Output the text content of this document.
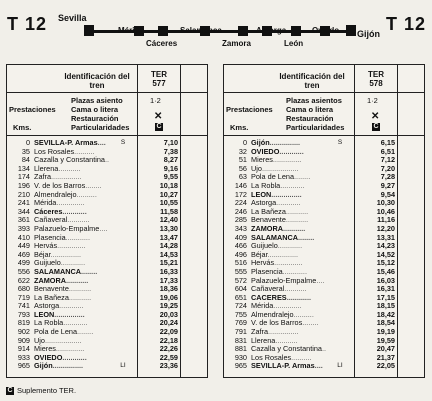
T 12	T 12
Sevilla
Mérida	Salamanca	Astorga	Oviedo Gijón
Cáceres	Zamora	León
Identificación del tren
TER
577
Prestaciones
Plazas asiento
Cama o litera
Restauración
Particularidades
Kms.
1·2
✕
C
0 SEVILLA-P. Armas....	S	7,10
35 Los Rosales..........	7,38
84 Cazalla y Constantina..	8,27
134 Llerena...........	9,16
174 Zafra...............	9,55
196 V. de los Barros........	10,18
210 Almendralejo..........	10,27
241 Mérida..............	10,55
344 Cáceres............	11,58
361 Cañaveral...........	12,40
393 Palazuelo-Empalme....	13,30
410 Plasencia............	13,47
449 Hervás..............	14,28
469 Béjar...............	14,53
499 Guijuelo............	15,21
556 SALAMANCA........	16,33
622 ZAMORA...........	17,33
680 Benavente...........	18,36
719 La Bañeza...........	19,06
741 Astorga............	19,25
793 LEON...............	20,03
819 La Robla............	20,24
902 Pola de Lena........	22,09
909 Ujo..................	22,18
914 Mieres..............	22,26
933 OVIEDO............	22,59
965 Gijón...............	LI	23,36
Identificación del tren
TER
578
Prestaciones
Plazas asientos
Cama o litera
Restauración
Particularidades
Kms.
1·2
✕
C
0 Gijón...............	S	6,15
32 OVIEDO............	6,51
51 Mieres..............	7,12
56 Ujo..................	7,20
63 Pola de Lena........	7,28
146 La Robla............	9,27
172 LEON...............	9,54
224 Astorga............	10,30
246 La Bañeza...........	10,46
285 Benavente...........	11,16
343 ZAMORA...........	12,20
409 SALAMANCA........	13,31
466 Guijuelo............	14,23
496 Béjar...............	14,52
516 Hervás..............	15,12
555 Plasencia............	15,46
572 Palazuelo-Empalme....	16,03
604 Cañaveral...........	16,31
651 CACERES............	17,15
724 Mérida..............	18,15
755 Almendralejo..........	18,42
769 V. de los Barros........	18,54
791 Zafra...............	19,19
831 Llerena...........	19,59
881 Cazalla y Constantina..	20,47
930 Los Rosales..........	21,37
965 SEVILLA-P. Armas....	LI	22,05
C Suplemento TER.
